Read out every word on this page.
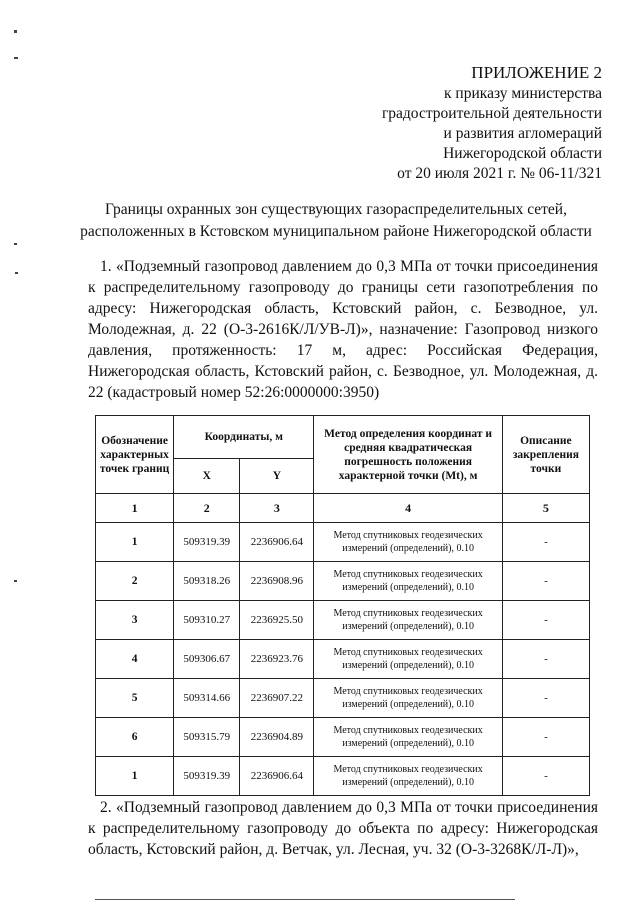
ПРИЛОЖЕНИЕ 2
к приказу министерства
градостроительной деятельности
и развития агломераций
Нижегородской области
от 20 июля 2021 г. № 06-11/321
Границы охранных зон существующих газораспределительных сетей,
расположенных в Кстовском муниципальном районе Нижегородской области
1. «Подземный газопровод давлением до 0,3 МПа от точки присоединения к распределительному газопроводу до границы сети газопотребления по адресу: Нижегородская область, Кстовский район, с. Безводное, ул. Молодежная, д. 22 (О-3-2616К/Л/УВ-Л)», назначение: Газопровод низкого давления, протяженность: 17 м, адрес: Российская Федерация, Нижегородская область, Кстовский район, с. Безводное, ул. Молодежная, д. 22 (кадастровый номер 52:26:0000000:3950)
Обозначение характерных точек границ	Координаты, м		Метод определения координат и средняя квадратическая погрешность положения характерной точки (Mt), м	Описание закрепления точки
	X	Y		
1	2	3	4	5
1	509319.39	2236906.64	Метод спутниковых геодезических измерений (определений), 0.10	-
2	509318.26	2236908.96	Метод спутниковых геодезических измерений (определений), 0.10	-
3	509310.27	2236925.50	Метод спутниковых геодезических измерений (определений), 0.10	-
4	509306.67	2236923.76	Метод спутниковых геодезических измерений (определений), 0.10	-
5	509314.66	2236907.22	Метод спутниковых геодезических измерений (определений), 0.10	-
6	509315.79	2236904.89	Метод спутниковых геодезических измерений (определений), 0.10	-
1	509319.39	2236906.64	Метод спутниковых геодезических измерений (определений), 0.10	-
2. «Подземный газопровод давлением до 0,3 МПа от точки присоединения к распределительному газопроводу до объекта по адресу: Нижегородская область, Кстовский район, д. Ветчак, ул. Лесная, уч. 32 (О-3-3268К/Л-Л)»,
